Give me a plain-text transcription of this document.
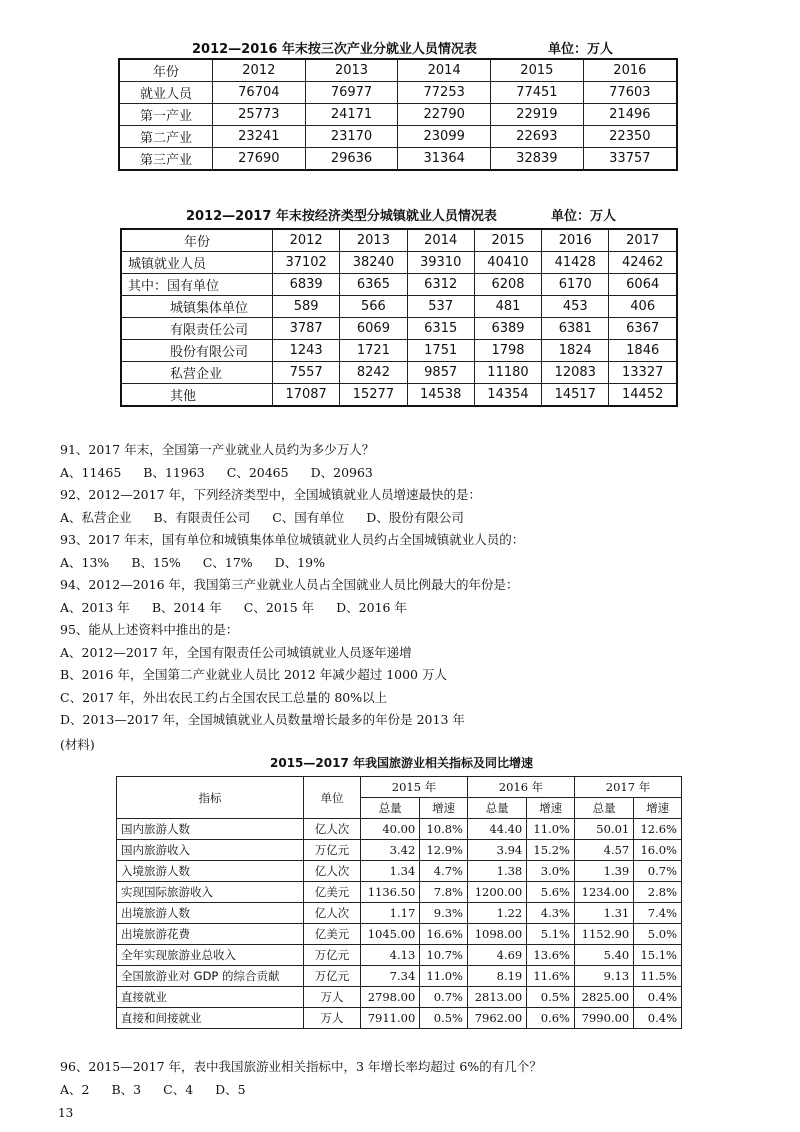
2012—2016 年末按三次产业分就业人员情况表	单位：万人
年份	2012	2013	2014	2015	2016
就业人员	76704	76977	77253	77451	77603
第一产业	25773	24171	22790	22919	21496
第二产业	23241	23170	23099	22693	22350
第三产业	27690	29636	31364	32839	33757
2012—2017 年末按经济类型分城镇就业人员情况表	单位：万人
年份	2012	2013	2014	2015	2016	2017
城镇就业人员	37102	38240	39310	40410	41428	42462
其中：国有单位	6839	6365	6312	6208	6170	6064
城镇集体单位	589	566	537	481	453	406
有限责任公司	3787	6069	6315	6389	6381	6367
股份有限公司	1243	1721	1751	1798	1824	1846
私营企业	7557	8242	9857	11180	12083	13327
其他	17087	15277	14538	14354	14517	14452
91、2017 年末，全国第一产业就业人员约为多少万人？
A、11465 B、11963 C、20465 D、20963
92、2012—2017 年，下列经济类型中，全国城镇就业人员增速最快的是：
A、私营企业 B、有限责任公司 C、国有单位 D、股份有限公司
93、2017 年末，国有单位和城镇集体单位城镇就业人员约占全国城镇就业人员的：
A、13% B、15% C、17% D、19%
94、2012—2016 年，我国第三产业就业人员占全国就业人员比例最大的年份是：
A、2013 年 B、2014 年 C、2015 年 D、2016 年
95、能从上述资料中推出的是：
A、2012—2017 年，全国有限责任公司城镇就业人员逐年递增
B、2016 年，全国第二产业就业人员比 2012 年减少超过 1000 万人
C、2017 年，外出农民工约占全国农民工总量的 80%以上
D、2013—2017 年，全国城镇就业人员数量增长最多的年份是 2013 年
(材料)
2015—2017 年我国旅游业相关指标及同比增速
指标	单位	2015 年		2016 年		2017 年	
		总量	增速	总量	增速	总量	增速
国内旅游人数	亿人次	40.00	10.8%	44.40	11.0%	50.01	12.6%
国内旅游收入	万亿元	3.42	12.9%	3.94	15.2%	4.57	16.0%
入境旅游人数	亿人次	1.34	4.7%	1.38	3.0%	1.39	0.7%
实现国际旅游收入	亿美元	1136.50	7.8%	1200.00	5.6%	1234.00	2.8%
出境旅游人数	亿人次	1.17	9.3%	1.22	4.3%	1.31	7.4%
出境旅游花费	亿美元	1045.00	16.6%	1098.00	5.1%	1152.90	5.0%
全年实现旅游业总收入	万亿元	4.13	10.7%	4.69	13.6%	5.40	15.1%
全国旅游业对 GDP 的综合贡献	万亿元	7.34	11.0%	8.19	11.6%	9.13	11.5%
直接就业	万人	2798.00	0.7%	2813.00	0.5%	2825.00	0.4%
直接和间接就业	万人	7911.00	0.5%	7962.00	0.6%	7990.00	0.4%
96、2015—2017 年，表中我国旅游业相关指标中，3 年增长率均超过 6%的有几个？
A、2 B、3 C、4 D、5
13
